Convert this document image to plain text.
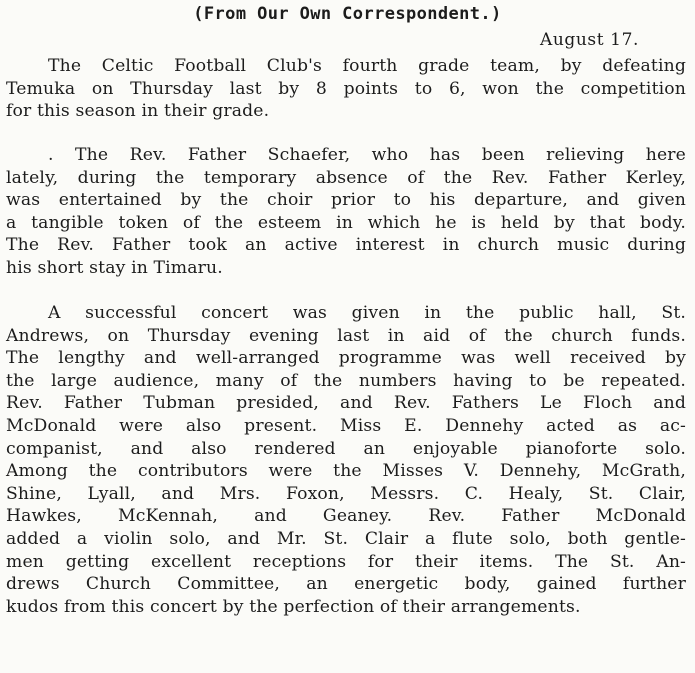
(From Our Own Correspondent.)
August 17.
The Celtic Football Club's fourth grade team, by defeating
Temuka on Thursday last by 8 points to 6, won the competition
for this season in their grade.
. The Rev. Father Schaefer, who has been relieving here
lately, during the temporary absence of the Rev. Father Kerley,
was entertained by the choir prior to his departure, and given
a tangible token of the esteem in which he is held by that body.
The Rev. Father took an active interest in church music during
his short stay in Timaru.
A successful concert was given in the public hall, St.
Andrews, on Thursday evening last in aid of the church funds.
The lengthy and well-arranged programme was well received by
the large audience, many of the numbers having to be repeated.
Rev. Father Tubman presided, and Rev. Fathers Le Floch and
McDonald were also present. Miss E. Dennehy acted as ac-
companist, and also rendered an enjoyable pianoforte solo.
Among the contributors were the Misses V. Dennehy, McGrath,
Shine, Lyall, and Mrs. Foxon, Messrs. C. Healy, St. Clair,
Hawkes, McKennah, and Geaney. Rev. Father McDonald
added a violin solo, and Mr. St. Clair a flute solo, both gentle-
men getting excellent receptions for their items. The St. An-
drews Church Committee, an energetic body, gained further
kudos from this concert by the perfection of their arrangements.
